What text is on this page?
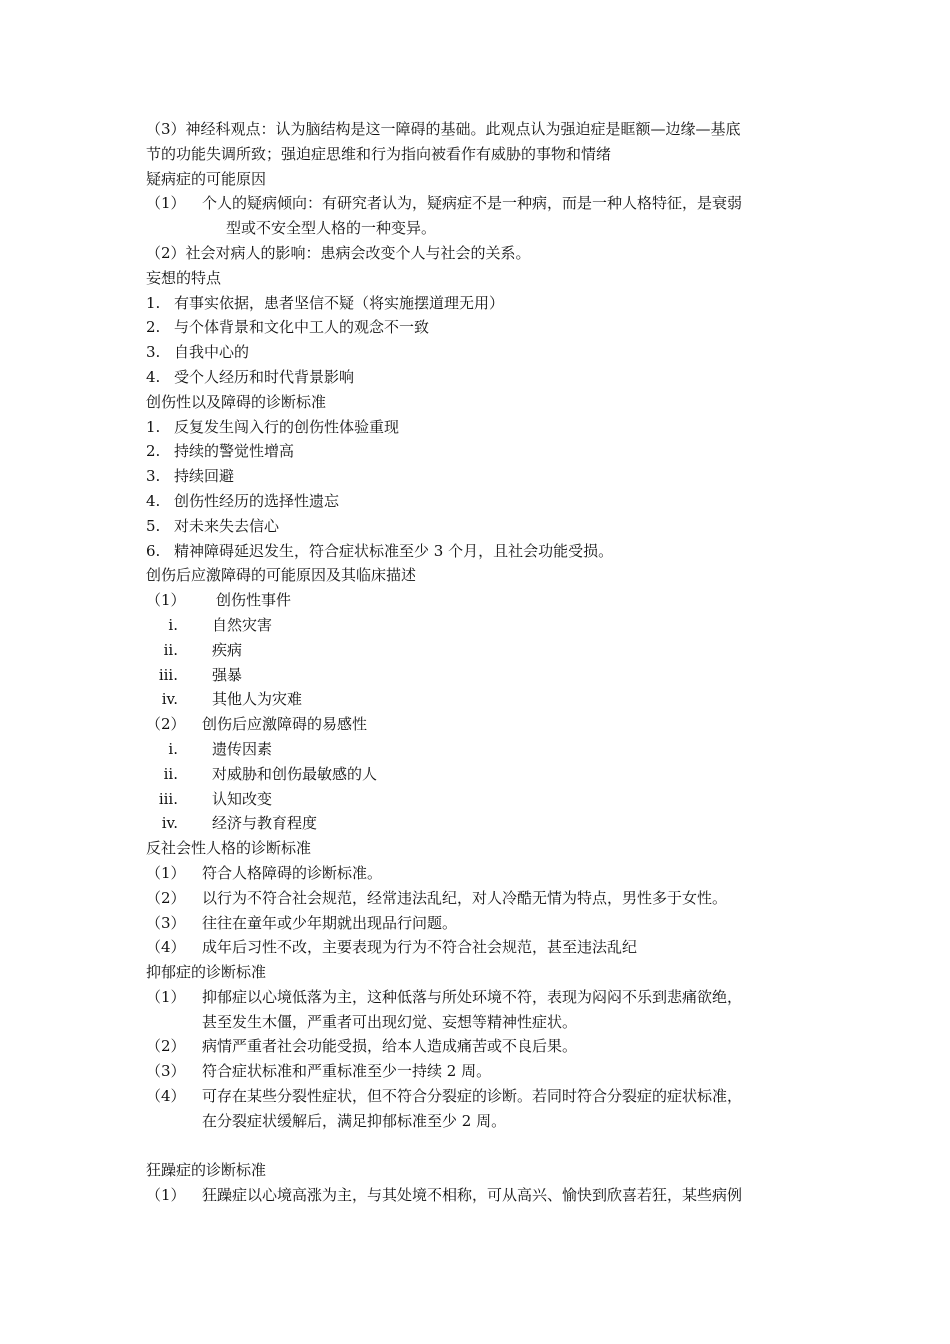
（3）神经科观点：认为脑结构是这一障碍的基础。此观点认为强迫症是眶额—边缘—基底
节的功能失调所致；强迫症思维和行为指向被看作有威胁的事物和情绪
疑病症的可能原因
（1）	个人的疑病倾向：有研究者认为，疑病症不是一种病，而是一种人格特征，是衰弱
型或不安全型人格的一种变异。
（2）社会对病人的影响：患病会改变个人与社会的关系。
妄想的特点
1. 有事实依据，患者坚信不疑（将实施摆道理无用）
2. 与个体背景和文化中工人的观念不一致
3. 自我中心的
4. 受个人经历和时代背景影响
创伤性以及障碍的诊断标准
1. 反复发生闯入行的创伤性体验重现
2. 持续的警觉性增高
3. 持续回避
4. 创伤性经历的选择性遗忘
5. 对未来失去信心
6. 精神障碍延迟发生，符合症状标准至少 3 个月，且社会功能受损。
创伤后应激障碍的可能原因及其临床描述
（1）	创伤性事件
i.	自然灾害
ii.	疾病
iii.	强暴
iv.	其他人为灾难
（2）	创伤后应激障碍的易感性
i.	遗传因素
ii.	对威胁和创伤最敏感的人
iii.	认知改变
iv.	经济与教育程度
反社会性人格的诊断标准
（1）	符合人格障碍的诊断标准。
（2）	以行为不符合社会规范，经常违法乱纪，对人冷酷无情为特点，男性多于女性。
（3）	往往在童年或少年期就出现品行问题。
（4）	成年后习性不改，主要表现为行为不符合社会规范，甚至违法乱纪
抑郁症的诊断标准
（1）	抑郁症以心境低落为主，这种低落与所处环境不符，表现为闷闷不乐到悲痛欲绝，
甚至发生木僵，严重者可出现幻觉、妄想等精神性症状。
（2）	病情严重者社会功能受损，给本人造成痛苦或不良后果。
（3）	符合症状标准和严重标准至少一持续 2 周。
（4）	可存在某些分裂性症状，但不符合分裂症的诊断。若同时符合分裂症的症状标准，
在分裂症状缓解后，满足抑郁标准至少 2 周。
狂躁症的诊断标准
（1）	狂躁症以心境高涨为主，与其处境不相称，可从高兴、愉快到欣喜若狂，某些病例
